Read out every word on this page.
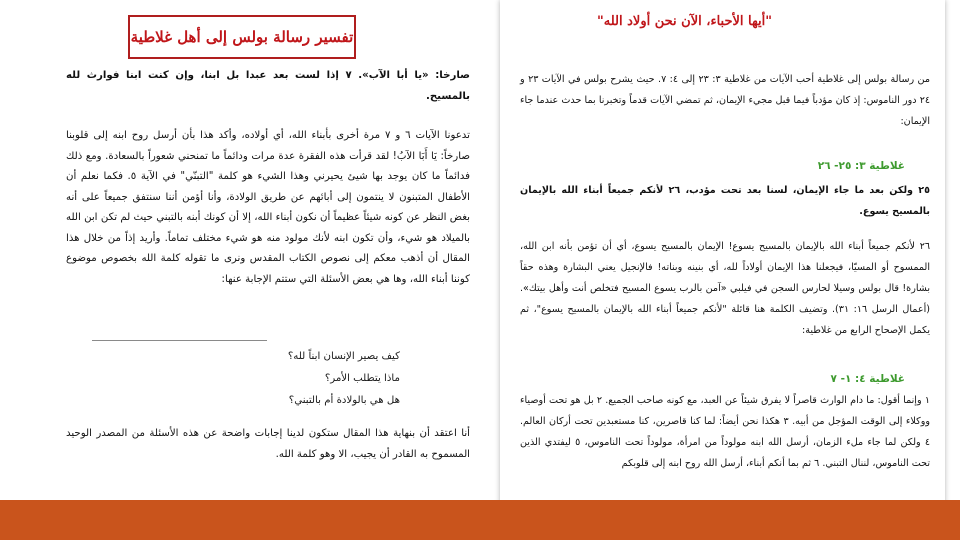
تفسير رسالة بولس إلى أهل غلاطية
صارخا: «يا أبا الآب». ٧ إذا لست بعد عبدا بل ابنا، وإن كنت ابنا فوارث لله بالمسيح.
تدعونا الآيات ٦ و ٧ مرة أخرى بأبناء الله، أي أولاده، وأكد هذا بأن أرسل روح ابنه إلى قلوبنا صارخاً: يَا أَبَا الآبُ! لقد قرأت هذه الفقرة عدة مرات ودائماً ما تمنحني شعوراً بالسعادة. ومع ذلك فدائماً ما كان يوجد بها شيئ يحيرني وهذا الشيء هو كلمة "التبنّي" في الآية ٥. فكما نعلم أن الأطفال المتبنون لا ينتمون إلى أبائهم عن طريق الولادة، وأنا أؤمن أننا سنتفق جميعاً على أنه بغض النظر عن كونه شيئاً عظيماً أن نكون أبناء الله، إلا أن كونك أبنه بالتبني حيث لم تكن ابن الله بالميلاد هو شيء، وأن تكون ابنه لأنك مولود منه هو شيء مختلف تماماً. وأريد إذاً من خلال هذا المقال أن أذهب معكم إلى نصوص الكتاب المقدس ونرى ما تقوله كلمة الله بخصوص موضوع كوننا أبناء الله، وها هي بعض الأسئلة التي ستتم الإجابة عنها:
كيف يصير الإنسان ابناً لله؟
ماذا يتطلب الأمر؟
هل هي بالولادة أم بالتبني؟
أنا اعتقد أن بنهاية هذا المقال ستكون لدينا إجابات واضحة عن هذه الأسئلة من المصدر الوحيد المسموح به القادر أن يجيب، الا وهو كلمة الله.
"أيها الأحباء، الآن نحن أولاد الله"
من رسالة بولس إلى غلاطية أحب الآيات من غلاطية ٣: ٢٣ إلى ٤: ٧. حيث يشرح بولس في الآيات ٢٣ و ٢٤ دور الناموس: إذ كان مؤدباً فيما قبل مجيء الإيمان، ثم تمضي الآيات قدماً وتخبرنا بما حدث عندما جاء الإيمان:
غلاطية ٣: ٢٥- ٢٦
٢٥ ولكن بعد ما جاء الإيمان، لسنا بعد تحت مؤدب، ٢٦ لأنكم جميعاً أبناء الله بالإيمان بالمسيح يسوع.
٢٦ لأنكم جميعاً أبناء الله بالإيمان بالمسيح يسوع! الإيمان بالمسيح يسوع، أي أن تؤمن بأنه ابن الله، الممسوح أو المسيّا، فيجعلنا هذا الإيمان أولاداً لله، أي بنينه وبناته! فالإنجيل يعني البشارة وهذه حقاً بشارة! قال بولس وسيلا لحارس السجن في فيلبي «آمن بالرب يسوع المسيح فتخلص أنت وأهل بيتك». (أعمال الرسل ١٦: ٣١). وتضيف الكلمة هنا قائلة "لأنكم جميعاً أبناء الله بالإيمان بالمسيح يسوع"، ثم يكمل الإصحاح الرابع من غلاطية:
غلاطية ٤: ١- ٧
١ وإنما أقول: ما دام الوارث قاصراً لا يفرق شيئاً عن العبد، مع كونه صاحب الجميع. ٢ بل هو تحت أوصياء ووكلاء إلى الوقت المؤجل من أبيه. ٣ هكذا نحن أيضاً: لما كنا قاصرين، كنا مستعبدين تحت أركان العالم. ٤ ولكن لما جاء ملء الزمان، أرسل الله ابنه مولوداً من امرأة، مولوداً تحت الناموس، ٥ ليفتدي الذين تحت الناموس، لننال التبني. ٦ ثم بما أنكم أبناء، أرسل الله روح ابنه إلى قلوبكم
